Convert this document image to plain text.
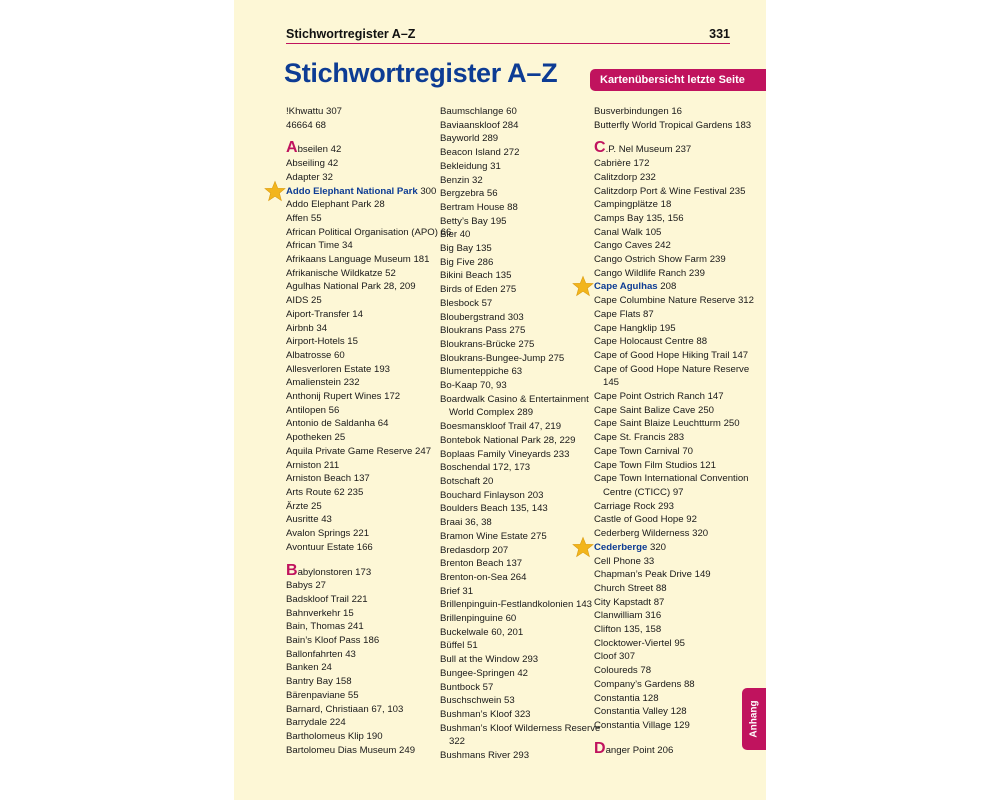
Stichwortregister A–Z	331
Stichwortregister A–Z	Kartenübersicht letzte Seite
!Khwattu 307
46664 68
Abseilen 42
Abseiling 42
Adapter 32
Addo Elephant National Park 300
Addo Elephant Park 28
Affen 55
African Political Organisation (APO) 66
African Time 34
Afrikaans Language Museum 181
Afrikanische Wildkatze 52
Agulhas National Park 28, 209
AIDS 25
Aiport-Transfer 14
Airbnb 34
Airport-Hotels 15
Albatrosse 60
Allesverloren Estate 193
Amalienstein 232
Anthonij Rupert Wines 172
Antilopen 56
Antonio de Saldanha 64
Apotheken 25
Aquila Private Game Reserve 247
Arniston 211
Arniston Beach 137
Arts Route 62 235
Ärzte 25
Ausritte 43
Avalon Springs 221
Avontuur Estate 166
Babylonstoren 173
Babys 27
Badskloof Trail 221
Bahnverkehr 15
Bain, Thomas 241
Bain’s Kloof Pass 186
Ballonfahrten 43
Banken 24
Bantry Bay 158
Bärenpaviane 55
Barnard, Christiaan 67, 103
Barrydale 224
Bartholomeus Klip 190
Bartolomeu Dias Museum 249
Baumschlange 60
Baviaanskloof 284
Bayworld 289
Beacon Island 272
Bekleidung 31
Benzin 32
Bergzebra 56
Bertram House 88
Betty’s Bay 195
Bier 40
Big Bay 135
Big Five 286
Bikini Beach 135
Birds of Eden 275
Blesbock 57
Bloubergstrand 303
Bloukrans Pass 275
Bloukrans-Brücke 275
Bloukrans-Bungee-Jump 275
Blumenteppiche 63
Bo-Kaap 70, 93
Boardwalk Casino & Entertainment World Complex 289
Boesmanskloof Trail 47, 219
Bontebok National Park 28, 229
Boplaas Family Vineyards 233
Boschendal 172, 173
Botschaft 20
Bouchard Finlayson 203
Boulders Beach 135, 143
Braai 36, 38
Bramon Wine Estate 275
Bredasdorp 207
Brenton Beach 137
Brenton-on-Sea 264
Brief 31
Brillenpinguin-Festlandkolonien 143
Brillenpinguine 60
Buckelwale 60, 201
Büffel 51
Bull at the Window 293
Bungee-Springen 42
Buntbock 57
Buschschwein 53
Bushman’s Kloof 323
Bushman’s Kloof Wilderness Reserve 322
Bushmans River 293
Busverbindungen 16
Butterfly World Tropical Gardens 183
C.P. Nel Museum 237
Cabrière 172
Calitzdorp 232
Calitzdorp Port & Wine Festival 235
Campingplätze 18
Camps Bay 135, 156
Canal Walk 105
Cango Caves 242
Cango Ostrich Show Farm 239
Cango Wildlife Ranch 239
Cape Agulhas 208
Cape Columbine Nature Reserve 312
Cape Flats 87
Cape Hangklip 195
Cape Holocaust Centre 88
Cape of Good Hope Hiking Trail 147
Cape of Good Hope Nature Reserve 145
Cape Point Ostrich Ranch 147
Cape Saint Balize Cave 250
Cape Saint Blaize Leuchtturm 250
Cape St. Francis 283
Cape Town Carnival 70
Cape Town Film Studios 121
Cape Town International Convention Centre (CTICC) 97
Carriage Rock 293
Castle of Good Hope 92
Cederberg Wilderness 320
Cederberge 320
Cell Phone 33
Chapman’s Peak Drive 149
Church Street 88
City Kapstadt 87
Clanwilliam 316
Clifton 135, 158
Clocktower-Viertel 95
Cloof 307
Coloureds 78
Company’s Gardens 88
Constantia 128
Constantia Valley 128
Constantia Village 129
Danger Point 206
Anhang
